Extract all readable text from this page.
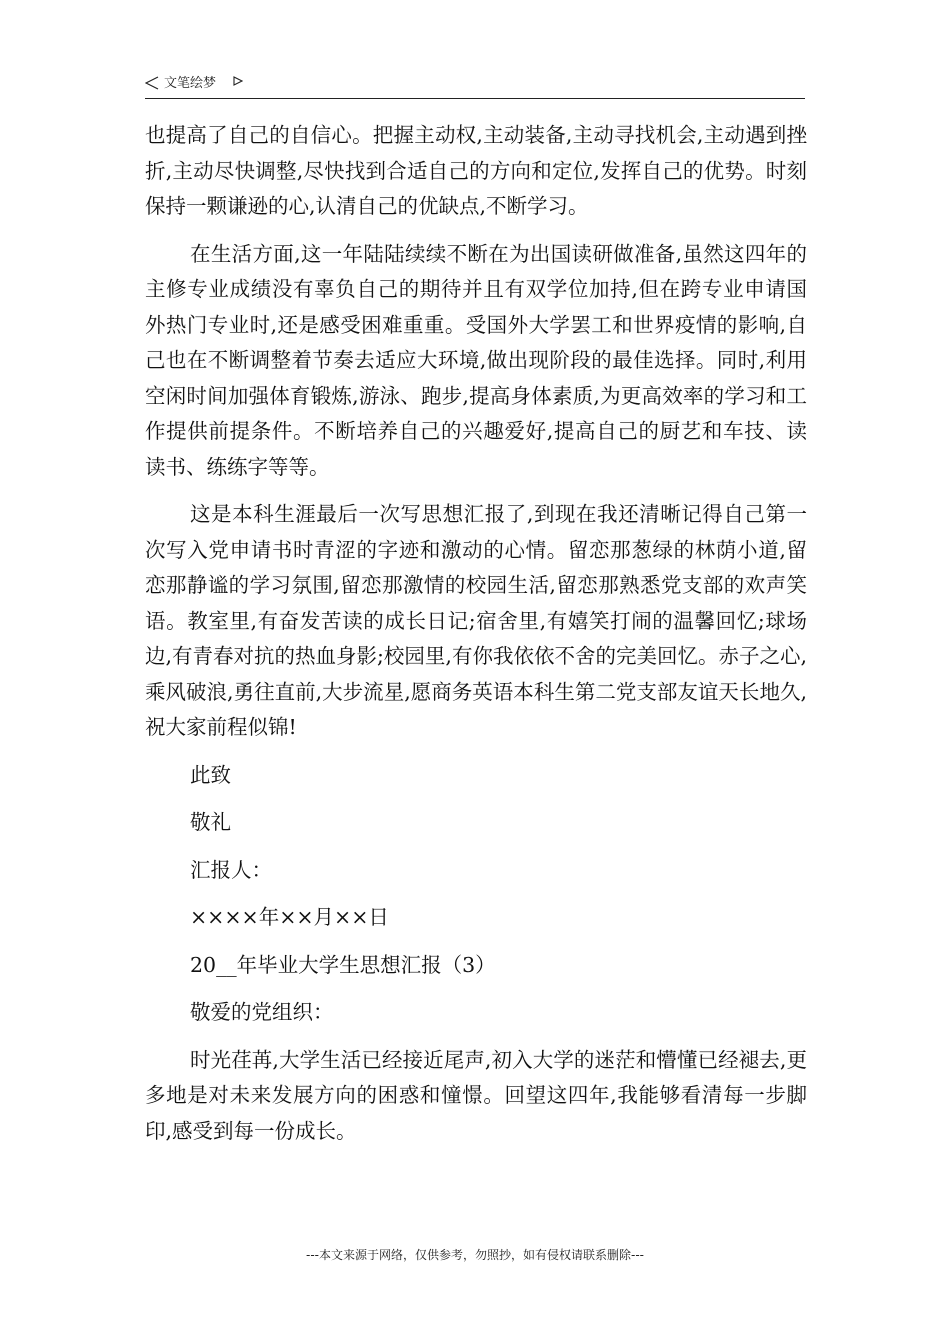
文笔绘梦

也提高了自己的自信心。把握主动权,主动装备,主动寻找机会,主动遇到挫折,主动尽快调整,尽快找到合适自己的方向和定位,发挥自己的优势。时刻保持一颗谦逊的心,认清自己的优缺点,不断学习。

在生活方面,这一年陆陆续续不断在为出国读研做准备,虽然这四年的主修专业成绩没有辜负自己的期待并且有双学位加持,但在跨专业申请国外热门专业时,还是感受困难重重。受国外大学罢工和世界疫情的影响,自己也在不断调整着节奏去适应大环境,做出现阶段的最佳选择。同时,利用空闲时间加强体育锻炼,游泳、跑步,提高身体素质,为更高效率的学习和工作提供前提条件。不断培养自己的兴趣爱好,提高自己的厨艺和车技、读读书、练练字等等。

这是本科生涯最后一次写思想汇报了,到现在我还清晰记得自己第一次写入党申请书时青涩的字迹和激动的心情。留恋那葱绿的林荫小道,留恋那静谧的学习氛围,留恋那激情的校园生活,留恋那熟悉党支部的欢声笑语。教室里,有奋发苦读的成长日记;宿舍里,有嬉笑打闹的温馨回忆;球场边,有青春对抗的热血身影;校园里,有你我依依不舍的完美回忆。赤子之心,乘风破浪,勇往直前,大步流星,愿商务英语本科生第二党支部友谊天长地久,祝大家前程似锦!

此致
敬礼
汇报人：
××××年××月××日
20__年毕业大学生思想汇报（3）
敬爱的党组织：

时光荏苒,大学生活已经接近尾声,初入大学的迷茫和懵懂已经褪去,更多地是对未来发展方向的困惑和憧憬。回望这四年,我能够看清每一步脚印,感受到每一份成长。

---本文来源于网络，仅供参考，勿照抄，如有侵权请联系删除---
